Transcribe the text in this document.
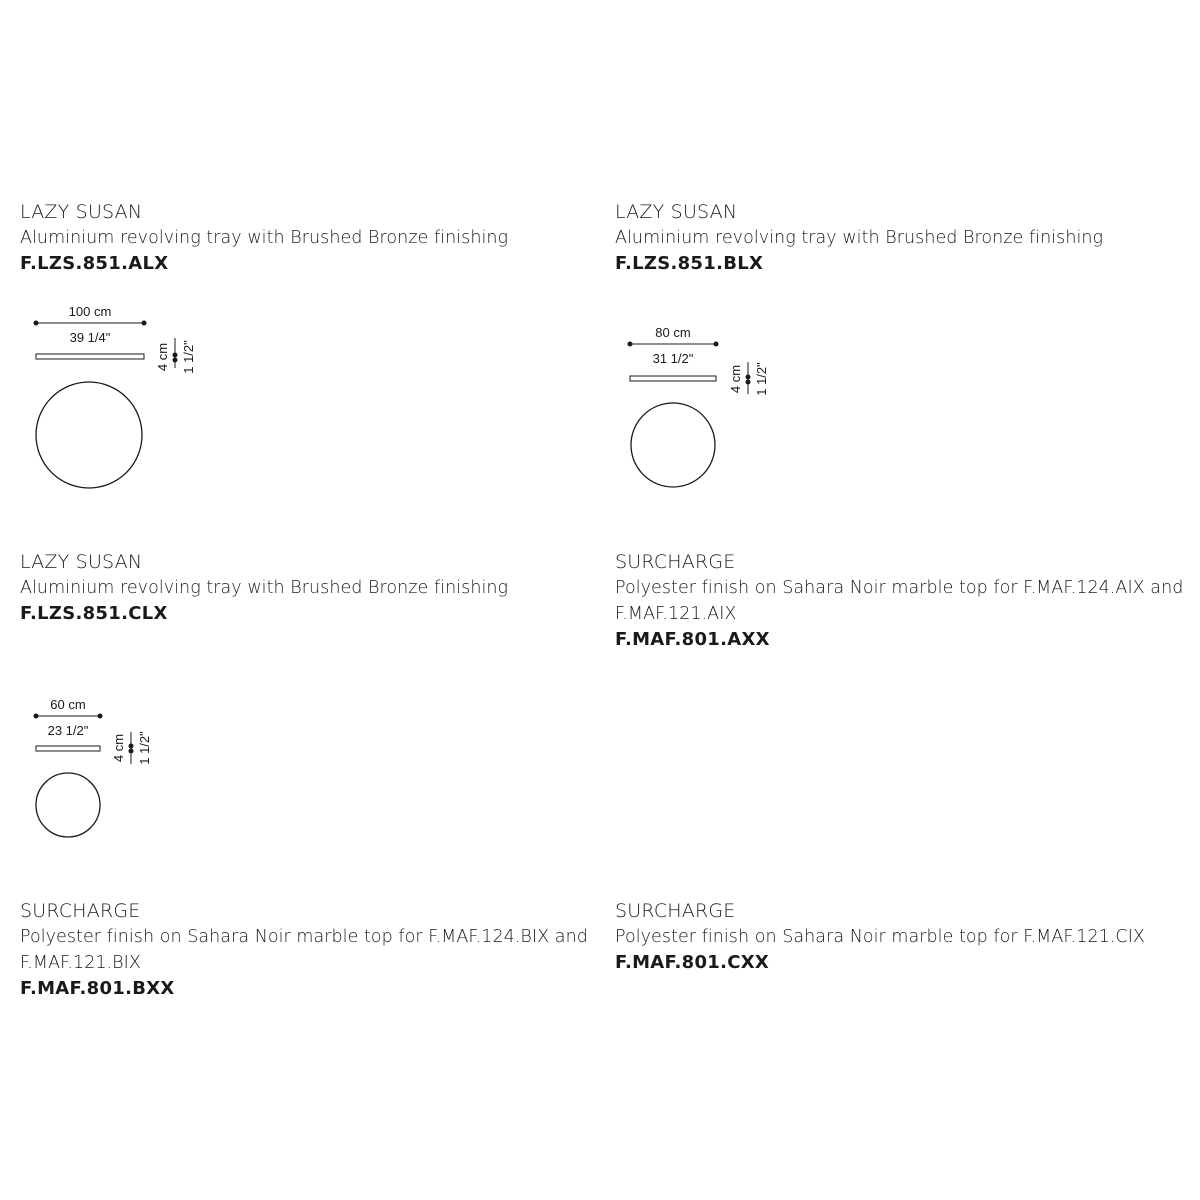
LAZY SUSAN
Aluminium revolving tray with Brushed Bronze finishing
F.LZS.851.ALX
100 cm
39 1/4"
4 cm 1 1/2"
LAZY SUSAN
Aluminium revolving tray with Brushed Bronze finishing
F.LZS.851.BLX
80 cm
31 1/2"
4 cm 1 1/2"
LAZY SUSAN
Aluminium revolving tray with Brushed Bronze finishing
F.LZS.851.CLX
60 cm
23 1/2"
4 cm 1 1/2"
SURCHARGE
Polyester finish on Sahara Noir marble top for F.MAF.124.AIX and
F.MAF.121.AIX
F.MAF.801.AXX
SURCHARGE
Polyester finish on Sahara Noir marble top for F.MAF.124.BIX and
F.MAF.121.BIX
F.MAF.801.BXX
SURCHARGE
Polyester finish on Sahara Noir marble top for F.MAF.121.CIX
F.MAF.801.CXX
